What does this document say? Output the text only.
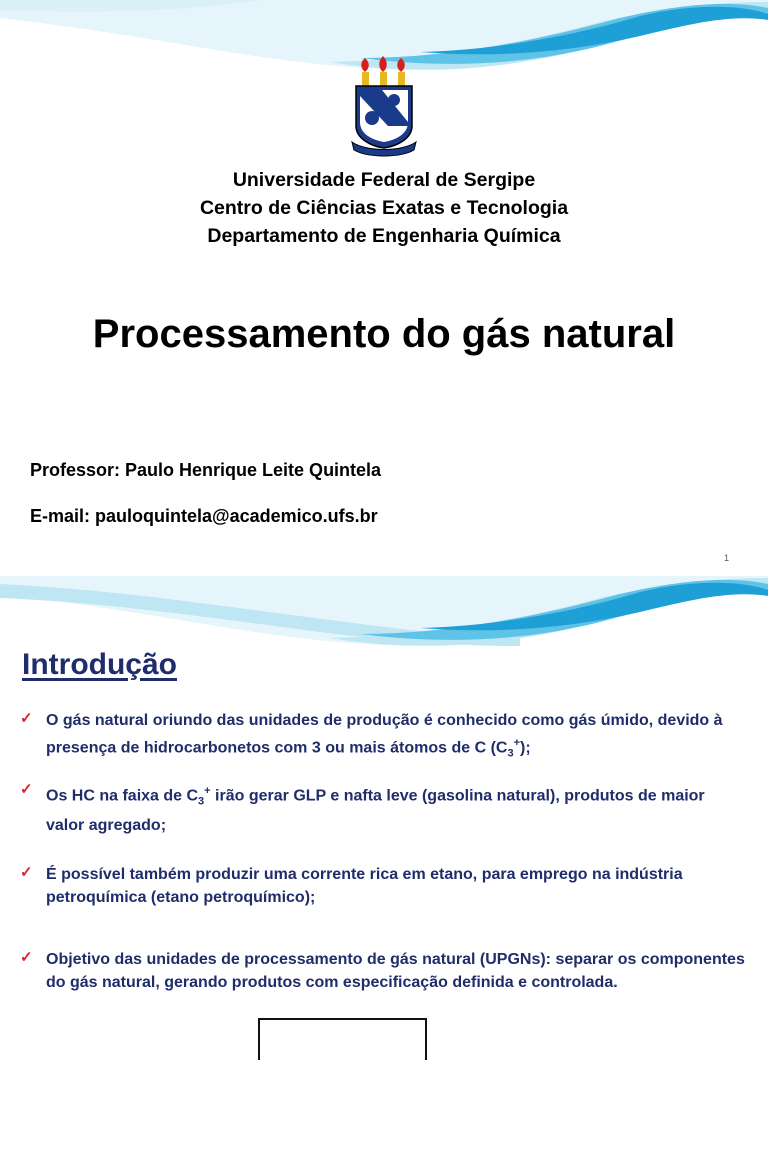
Universidade Federal de Sergipe
Centro de Ciências Exatas e Tecnologia
Departamento de Engenharia Química
Processamento do gás natural
Professor: Paulo Henrique Leite Quintela
E-mail: pauloquintela@academico.ufs.br
1
Introdução
✓ O gás natural oriundo das unidades de produção é conhecido como gás úmido, devido à
presença de hidrocarbonetos com 3 ou mais átomos de C $(C_3^+)$;
✓ Os HC na faixa de $C_3^+$ irão gerar GLP e nafta leve (gasolina natural), produtos de maior
valor agregado;
✓ É possível também produzir uma corrente rica em etano, para emprego na indústria
petroquímica (etano petroquímico);
✓ Objetivo das unidades de processamento de gás natural (UPGNs): separar os componentes
do gás natural, gerando produtos com especificação definida e controlada.
